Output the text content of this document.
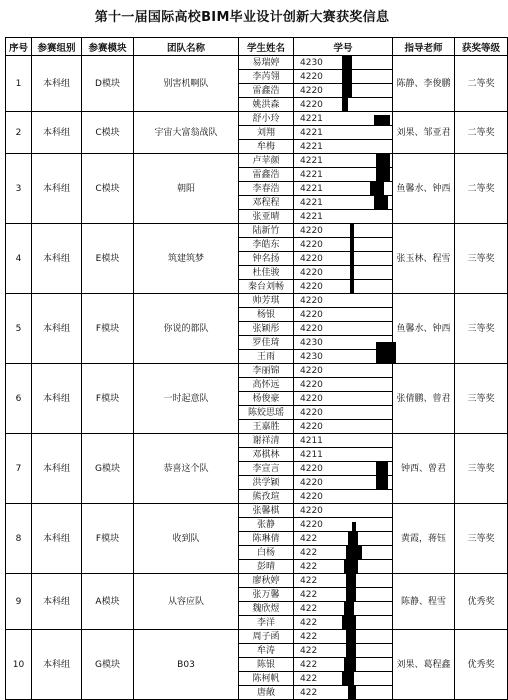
第十一届国际高校BIM毕业设计创新大赛获奖信息
序号	参赛组别	参赛模块	团队名称	学生姓名	学号	指导老师	获奖等级
1	本科组	D模块	别害机啊队	易瑞婷	4230	陈静、李俊鹏	二等奖
				李芮翎	4220		

				雷鑫浩	4220		

				姚洪森	4220		

2	本科组	C模块	宇宙大富翁战队	舒小玲	4221	刘果、邹亚君	二等奖
				刘翔	4221		
				牟梅	4221		
3	本科组	C模块	朝阳	卢苹颜	4221	鱼馨水、钟西	二等奖
				雷鑫浩	4221		

				李春浩	4221		

				邓程程	4221		

				张亚晴	4221		
4	本科组	E模块	筑建筑梦	陆新竹	4220	张玉林、程雪	三等奖
				李皓东	4220		

				钟名扬	4220		

				杜佳骏	4220		

				秦台刘畅	4220		

5	本科组	F模块	你说的都队	帅芳琪	4220	鱼馨水、钟西	三等奖
				杨银	4220		
				张颖彤	4220		
				罗佳琦	4230		

				王雨	4230		

6	本科组	F模块	一时起意队	李丽锦	4220	张倩鹏、曾君	三等奖
				高怀远	4220		
				杨俊豪	4220		
				陈姣思瑶	4220		
				王嘉胜	4220		
7	本科组	G模块	恭喜这个队	谢祥清	4211	钟西、曾君	三等奖
				邓棋林	4211		
				李宣言	4220		

				洪学颖	4220		

				熊孜瑄	4220		
8	本科组	F模块	收到队	张馨棋	4220	黄霞，蒋钰	三等奖
				张静	4220		

				陈琳倩	422		

				白杨	422		

				彭晴	422		

9	本科组	A模块	从容应队	廖秋婷	422	陈静、程雪	优秀奖
				张万馨	422		

				魏欣煜	422		

				李洋	422		

10	本科组	G模块	B03	周子函	422	刘果、葛程鑫	优秀奖
				牟涛	422		

				陈银	422		

				陈柯帆	422		

				唐敞	422		
